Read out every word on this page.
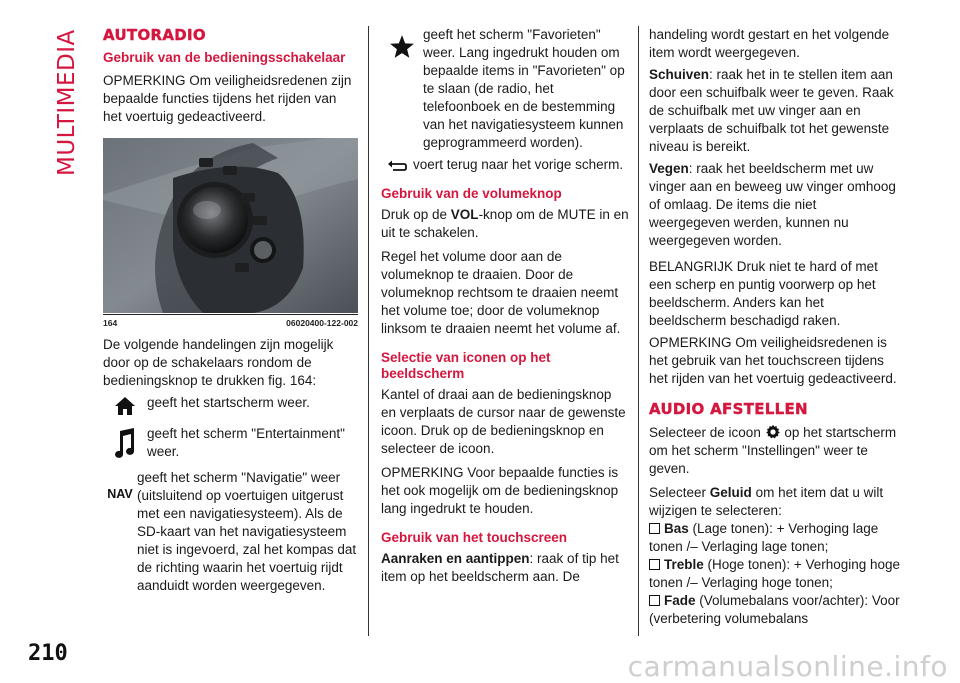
MULTIMEDIA
210	carmanualsonline.info
AUTORADIO
Gebruik van de bedieningsschakelaar

OPMERKING Om veiligheidsredenen zijn bepaalde functies tijdens het rijden van het voertuig gedeactiveerd.

164	06020400-122-002

De volgende handelingen zijn mogelijk door op de schakelaars rondom de bedieningsknop te drukken fig. 164:

geeft het startscherm weer.

geeft het scherm "Entertainment" weer.

NAV

geeft het scherm "Navigatie" weer (uitsluitend op voertuigen uitgerust met een navigatiesysteem). Als de SD-kaart van het navigatiesysteem niet is ingevoerd, zal het kompas dat de richting waarin het voertuig rijdt aanduidt worden weergegeven.

geeft het scherm "Favorieten" weer. Lang ingedrukt houden om bepaalde items in "Favorieten" op te slaan (de radio, het telefoonboek en de bestemming van het navigatiesysteem kunnen geprogrammeerd worden).

voert terug naar het vorige scherm.

Gebruik van de volumeknop

Druk op de VOL-knop om de MUTE in en uit te schakelen.

Regel het volume door aan de volumeknop te draaien. Door de volumeknop rechtsom te draaien neemt het volume toe; door de volumeknop linksom te draaien neemt het volume af.

Selectie van iconen op het beeldscherm

Kantel of draai aan de bedieningsknop en verplaats de cursor naar de gewenste icoon. Druk op de bedieningsknop en selecteer de icoon.

OPMERKING Voor bepaalde functies is het ook mogelijk om de bedieningsknop lang ingedrukt te houden.

Gebruik van het touchscreen

Aanraken en aantippen: raak of tip het item op het beeldscherm aan. De

handeling wordt gestart en het volgende item wordt weergegeven.

Schuiven: raak het in te stellen item aan door een schuifbalk weer te geven. Raak de schuifbalk met uw vinger aan en verplaats de schuifbalk tot het gewenste niveau is bereikt.

Vegen: raak het beeldscherm met uw vinger aan en beweeg uw vinger omhoog of omlaag. De items die niet weergegeven werden, kunnen nu weergegeven worden.

BELANGRIJK Druk niet te hard of met een scherp en puntig voorwerp op het beeldscherm. Anders kan het beeldscherm beschadigd raken.

OPMERKING Om veiligheidsredenen is het gebruik van het touchscreen tijdens het rijden van het voertuig gedeactiveerd.

AUDIO AFSTELLEN

Selecteer de icoon  op het startscherm om het scherm "Instellingen" weer te geven.

Selecteer Geluid om het item dat u wilt wijzigen te selecteren:

Bas (Lage tonen): + Verhoging lage tonen /– Verlaging lage tonen;

Treble (Hoge tonen): + Verhoging hoge tonen /– Verlaging hoge tonen;

Fade (Volumebalans voor/achter): Voor (verbetering volumebalans
